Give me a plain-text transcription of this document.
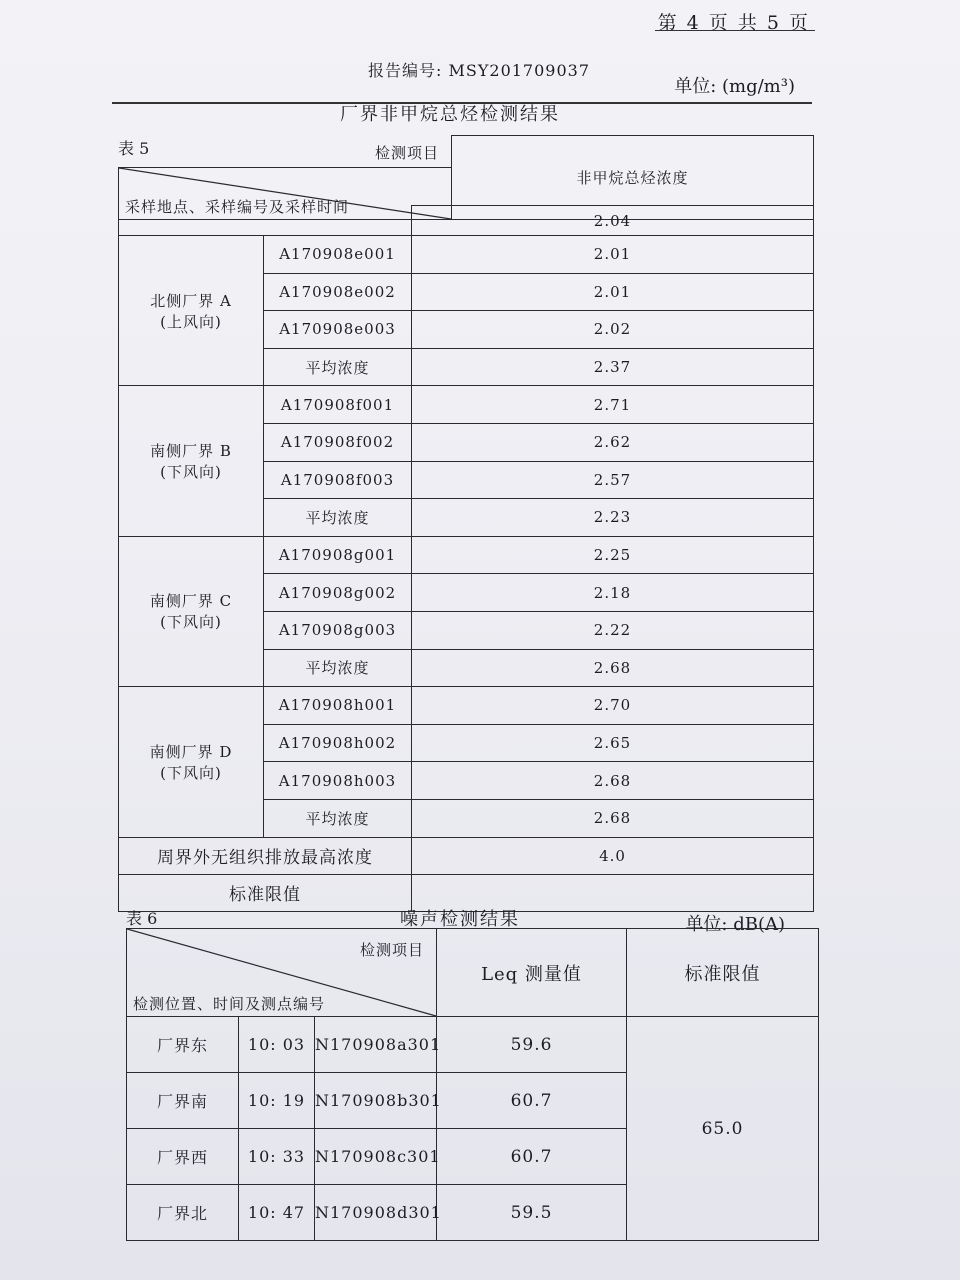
第 4 页 共 5 页
报告编号: MSY201709037
单位: (mg/m³)
厂界非甲烷总烃检测结果
表 5
	非甲烷总烃浓度

检测项目
采样地点、采样编号及采样时间

		2.04

北侧厂界 A
(上风向)	A170908e001	2.01
	A170908e002	2.01
	A170908e003	2.02
	平均浓度	2.37

南侧厂界 B
(下风向)	A170908f001	2.71
	A170908f002	2.62
	A170908f003	2.57
	平均浓度	2.23

南侧厂界 C
(下风向)	A170908g001	2.25
	A170908g002	2.18
	A170908g003	2.22
	平均浓度	2.68

南侧厂界 D
(下风向)	A170908h001	2.70
	A170908h002	2.65
	A170908h003	2.68
	平均浓度	2.68
周界外无组织排放最高浓度		4.0
标准限值		
表 6	噪声检测结果	单位: dB(A)
检测项目
检测位置、时间及测点编号			Leq 测量值	标准限值
厂界东	10: 03	N170908a301	59.6	65.0
厂界南	10: 19	N170908b301	60.7	
厂界西	10: 33	N170908c301	60.7	
厂界北	10: 47	N170908d301	59.5	
